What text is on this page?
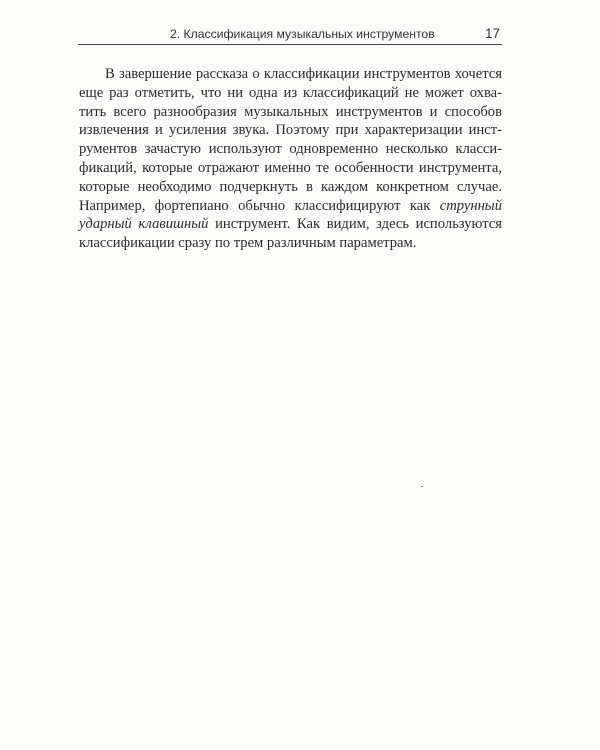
2. Классификация музыкальных инструментов	17
В завершение рассказа о классификации инструментов хочется
еще раз отметить, что ни одна из классификаций не может охва-
тить всего разнообразия музыкальных инструментов и способов
извлечения и усиления звука. Поэтому при характеризации инст-
рументов зачастую используют одновременно несколько класси-
фикаций, которые отражают именно те особенности инструмента,
которые необходимо подчеркнуть в каждом конкретном случае.
Например, фортепиано обычно классифицируют как струнный
ударный клавишный инструмент. Как видим, здесь используются
классификации сразу по трем различным параметрам.
